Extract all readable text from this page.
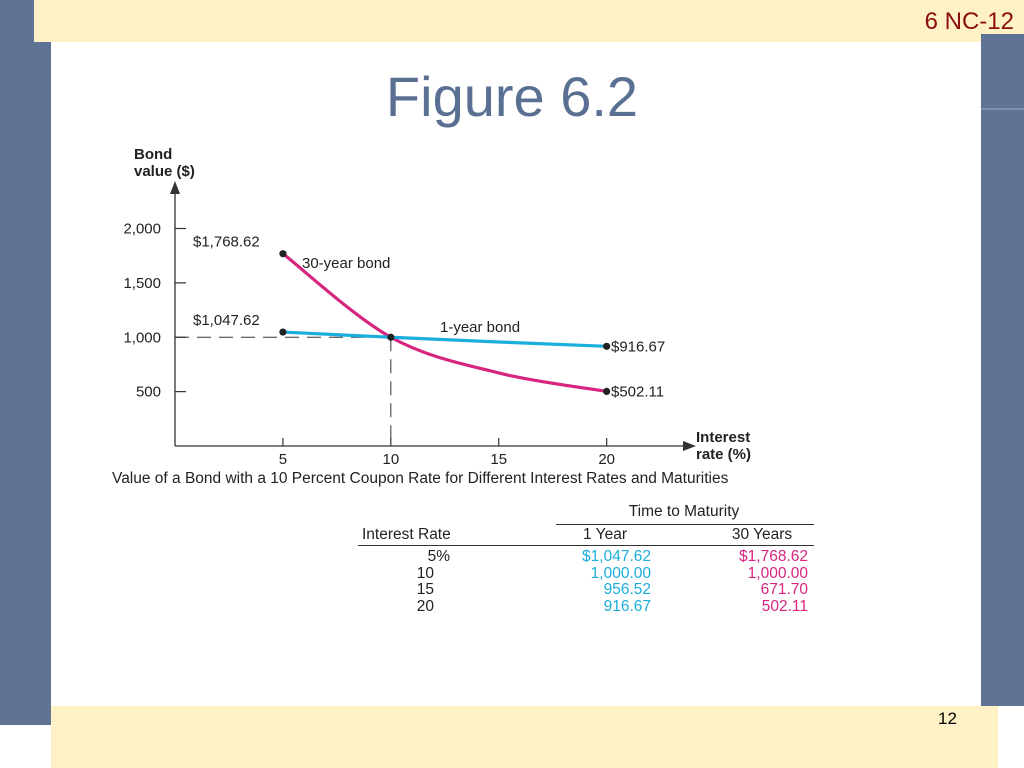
6 NC-12
Figure 6.2
12
Bond
value ($)
Interest
rate (%)
500
1,000
1,500
2,000
5	10	15	20
$1,768.62
$502.11
$1,047.62
$916.67
30-year bond
1-year bond
Value of a Bond with a 10 Percent Coupon Rate for Different Interest Rates and Maturities
Time to Maturity
Interest Rate	1 Year	30 Years
5%	$1,047.62	$1,768.62
10	1,000.00	1,000.00
15	956.52	671.70
20	916.67	502.11
